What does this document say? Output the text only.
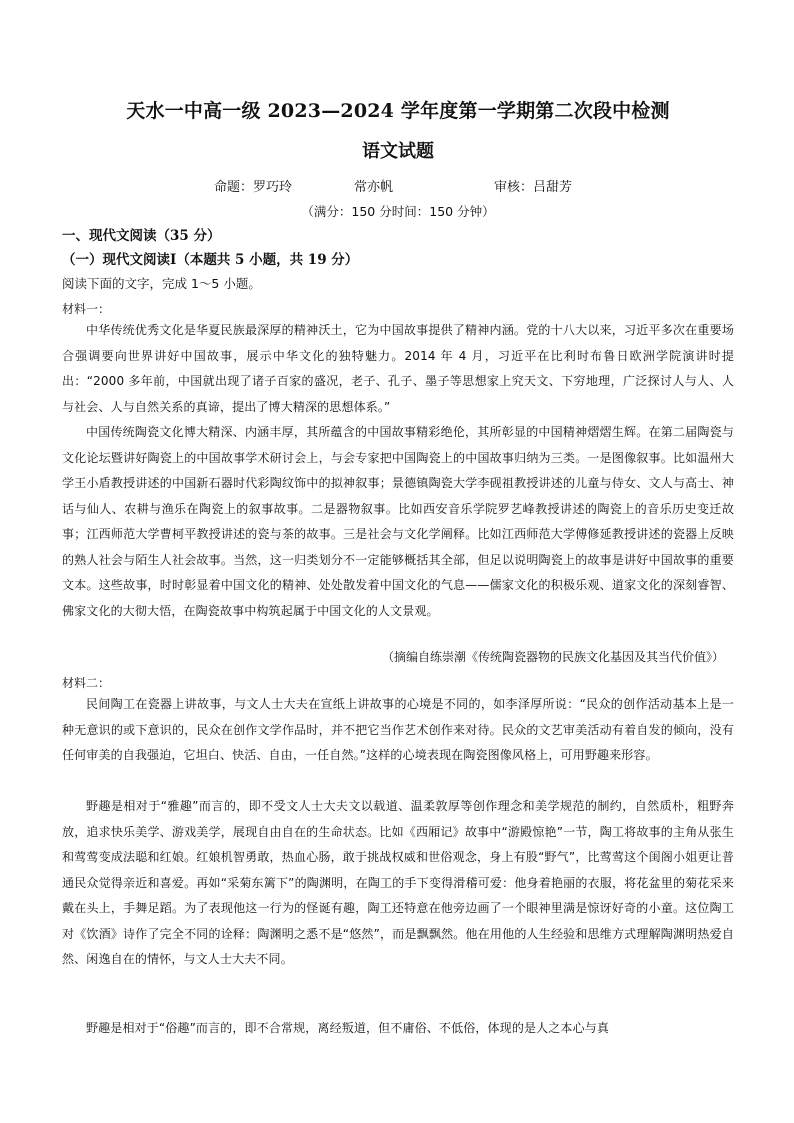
天水一中高一级 2023—2024 学年度第一学期第二次段中检测
语文试题
命题：罗巧玲	常亦帆	审核：吕甜芳
（满分：150 分时间：150 分钟）
一、现代文阅读（35 分）
（一）现代文阅读Ⅰ（本题共 5 小题，共 19 分）
阅读下面的文字，完成 1～5 小题。
材料一：
中华传统优秀文化是华夏民族最深厚的精神沃土，它为中国故事提供了精神内涵。党的十八大以来，习近平多次在重要场合强调要向世界讲好中国故事，展示中华文化的独特魅力。2014 年 4 月，习近平在比利时布鲁日欧洲学院演讲时提出：“2000 多年前，中国就出现了诸子百家的盛况，老子、孔子、墨子等思想家上究天文、下穷地理，广泛探讨人与人、人与社会、人与自然关系的真谛，提出了博大精深的思想体系。”
中国传统陶瓷文化博大精深、内涵丰厚，其所蕴含的中国故事精彩绝伦，其所彰显的中国精神熠熠生辉。在第二届陶瓷与文化论坛暨讲好陶瓷上的中国故事学术研讨会上，与会专家把中国陶瓷上的中国故事归纳为三类。一是图像叙事。比如温州大学王小盾教授讲述的中国新石器时代彩陶纹饰中的拟神叙事；景德镇陶瓷大学李砚祖教授讲述的儿童与侍女、文人与高士、神话与仙人、农耕与渔乐在陶瓷上的叙事故事。二是器物叙事。比如西安音乐学院罗艺峰教授讲述的陶瓷上的音乐历史变迁故事；江西师范大学曹柯平教授讲述的瓷与茶的故事。三是社会与文化学阐释。比如江西师范大学傅修延教授讲述的瓷器上反映的熟人社会与陌生人社会故事。当然，这一归类划分不一定能够概括其全部，但足以说明陶瓷上的故事是讲好中国故事的重要文本。这些故事，时时彰显着中国文化的精神、处处散发着中国文化的气息——儒家文化的积极乐观、道家文化的深刻睿智、佛家文化的大彻大悟，在陶瓷故事中构筑起属于中国文化的人文景观。
（摘编自练崇潮《传统陶瓷器物的民族文化基因及其当代价值》）
材料二：
民间陶工在瓷器上讲故事，与文人士大夫在宣纸上讲故事的心境是不同的，如李泽厚所说：“民众的创作活动基本上是一种无意识的或下意识的，民众在创作文学作品时，并不把它当作艺术创作来对待。民众的文艺审美活动有着自发的倾向，没有任何审美的自我强迫，它坦白、快活、自由，一任自然。”这样的心境表现在陶瓷图像风格上，可用野趣来形容。
野趣是相对于“雅趣”而言的，即不受文人士大夫文以载道、温柔敦厚等创作理念和美学规范的制约，自然质朴，粗野奔放，追求快乐美学、游戏美学，展现自由自在的生命状态。比如《西厢记》故事中“游殿惊艳”一节，陶工将故事的主角从张生和莺莺变成法聪和红娘。红娘机智勇敢，热血心肠，敢于挑战权威和世俗观念，身上有股“野气”，比莺莺这个闺阁小姐更让普通民众觉得亲近和喜爱。再如“采菊东篱下”的陶渊明，在陶工的手下变得滑稽可爱：他身着艳丽的衣服，将花盆里的菊花采来戴在头上，手舞足蹈。为了表现他这一行为的怪诞有趣，陶工还特意在他旁边画了一个眼神里满是惊讶好奇的小童。这位陶工对《饮酒》诗作了完全不同的诠释：陶渊明之悉不是“悠然”，而是飘飘然。他在用他的人生经验和思维方式理解陶渊明热爱自然、闲逸自在的情怀，与文人士大夫不同。
野趣是相对于“俗趣”而言的，即不合常规，离经叛道，但不庸俗、不低俗，体现的是人之本心与真
